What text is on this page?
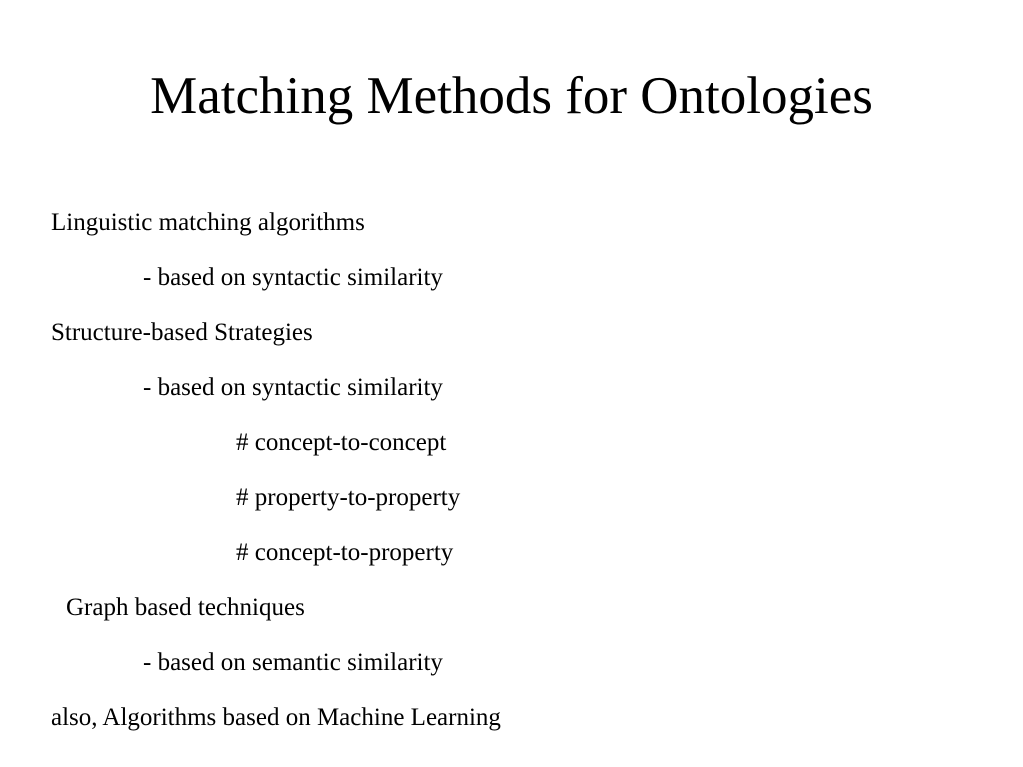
Matching Methods for Ontologies
Linguistic matching algorithms
- based on syntactic similarity
Structure-based Strategies
- based on syntactic similarity
# concept-to-concept
# property-to-property
# concept-to-property
Graph based techniques
- based on semantic similarity
also, Algorithms based on Machine Learning
